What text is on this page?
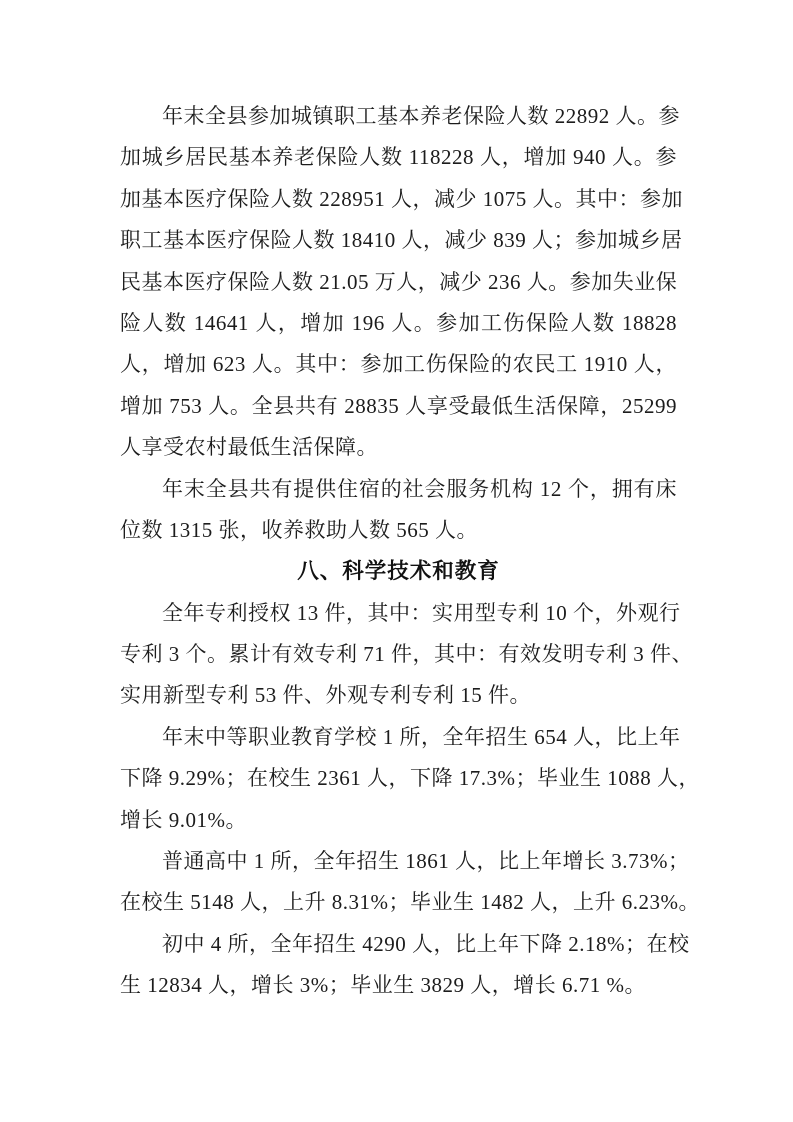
年末全县参加城镇职工基本养老保险人数 22892 人。参
加城乡居民基本养老保险人数 118228 人，增加 940 人。参
加基本医疗保险人数 228951 人，减少 1075 人。其中：参加
职工基本医疗保险人数 18410 人，减少 839 人；参加城乡居
民基本医疗保险人数 21.05 万人，减少 236 人。参加失业保
险人数 14641 人，增加 196 人。参加工伤保险人数 18828
人，增加 623 人。其中：参加工伤保险的农民工 1910 人，
增加 753 人。全县共有 28835 人享受最低生活保障，25299
人享受农村最低生活保障。
年末全县共有提供住宿的社会服务机构 12 个，拥有床
位数 1315 张，收养救助人数 565 人。
八、科学技术和教育
全年专利授权 13 件，其中：实用型专利 10 个，外观行
专利 3 个。累计有效专利 71 件，其中：有效发明专利 3 件、
实用新型专利 53 件、外观专利专利 15 件。
年末中等职业教育学校 1 所，全年招生 654 人，比上年
下降 9.29%；在校生 2361 人，下降 17.3%；毕业生 1088 人，
增长 9.01%。
普通高中 1 所，全年招生 1861 人，比上年增长 3.73%；
在校生 5148 人，上升 8.31%；毕业生 1482 人，上升 6.23%。
初中 4 所，全年招生 4290 人，比上年下降 2.18%；在校
生 12834 人，增长 3%；毕业生 3829 人，增长 6.71 %。
